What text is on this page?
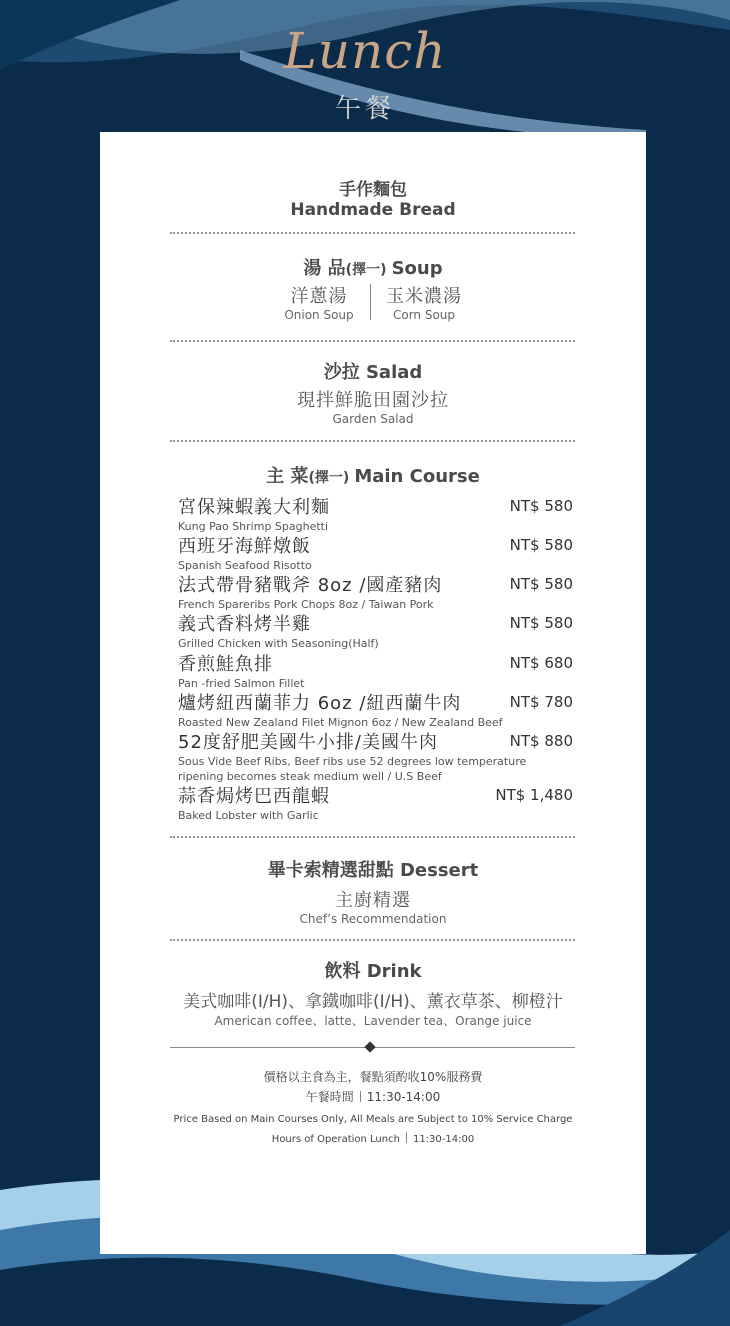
Lunch
午餐
手作麵包
Handmade Bread
湯 品(擇一) Soup
洋蔥湯
Onion Soup
玉米濃湯
Corn Soup
沙拉 Salad
現拌鮮脆田園沙拉
Garden Salad
主 菜(擇一) Main Course
宮保辣蝦義大利麵
Kung Pao Shrimp Spaghetti
NT$ 580
西班牙海鮮燉飯
Spanish Seafood Risotto
NT$ 580
法式帶骨豬戰斧 8oz /國產豬肉
French Spareribs Pork Chops 8oz / Taiwan Pork
NT$ 580
義式香料烤半雞
Grilled Chicken with Seasoning(Half)
NT$ 580
香煎鮭魚排
Pan -fried Salmon Fillet
NT$ 680
爐烤紐西蘭菲力 6oz /紐西蘭牛肉
Roasted New Zealand Filet Mignon 6oz / New Zealand Beef
NT$ 780
52度舒肥美國牛小排/美國牛肉
Sous Vide Beef Ribs, Beef ribs use 52 degrees low temperature
ripening becomes steak medium well / U.S Beef
NT$ 880
蒜香焗烤巴西龍蝦
Baked Lobster with Garlic
NT$ 1,480
畢卡索精選甜點 Dessert
主廚精選
Chef’s Recommendation
飲料 Drink
美式咖啡(I/H)、拿鐵咖啡(I/H)、薰衣草茶、柳橙汁
American coffee、latte、Lavender tea、Orange juice
價格以主食為主，餐點須酌收10%服務費
午餐時間 11:30-14:00
Price Based on Main Courses Only, All Meals are Subject to 10% Service Charge
Hours of Operation Lunch 11:30-14:00
